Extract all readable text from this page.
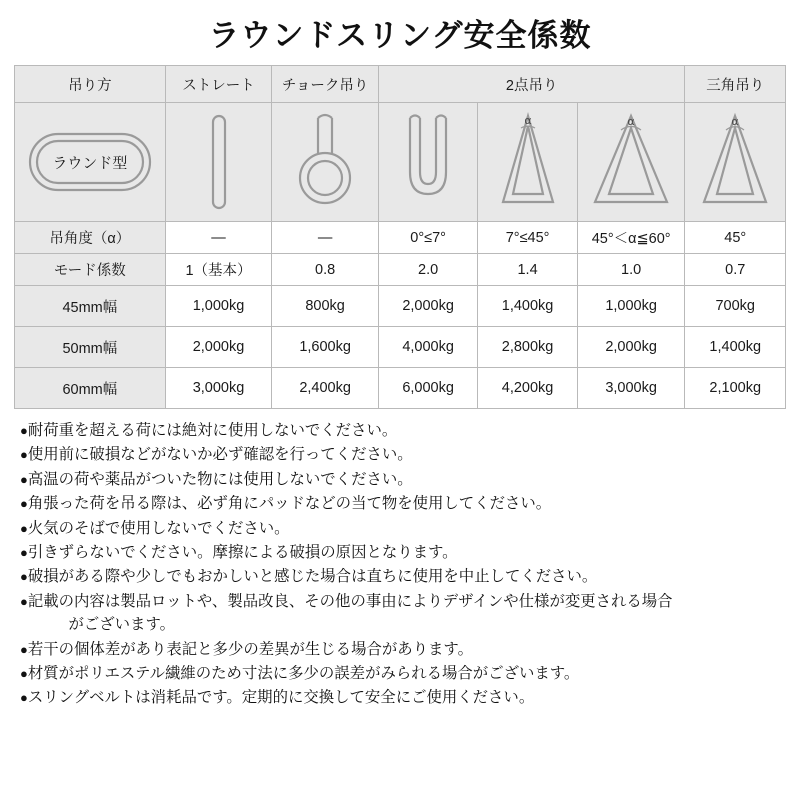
ラウンドスリング安全係数
吊り方	ストレート	チョーク吊り	2点吊り			三角吊り

ラウンド型				α	α	α

吊角度（α）	—	—	0°≤7°	7°≤45°	45°＜α≦60°	45°
モード係数	1（基本）	0.8	2.0	1.4	1.0	0.7
45mm幅	1,000kg	800kg	2,000kg	1,400kg	1,000kg	700kg
50mm幅	2,000kg	1,600kg	4,000kg	2,800kg	2,000kg	1,400kg
60mm幅	3,000kg	2,400kg	6,000kg	4,200kg	3,000kg	2,100kg
●耐荷重を超える荷には絶対に使用しないでください。
●使用前に破損などがないか必ず確認を行ってください。
●高温の荷や薬品がついた物には使用しないでください。
●角張った荷を吊る際は、必ず角にパッドなどの当て物を使用してください。
●火気のそばで使用しないでください。
●引きずらないでください。摩擦による破損の原因となります。
●破損がある際や少しでもおかしいと感じた場合は直ちに使用を中止してください。
●記載の内容は製品ロットや、製品改良、その他の事由によりデザインや仕様が変更される場合
がございます。
●若干の個体差があり表記と多少の差異が生じる場合があります。
●材質がポリエステル繊維のため寸法に多少の誤差がみられる場合がございます。
●スリングベルトは消耗品です。定期的に交換して安全にご使用ください。
